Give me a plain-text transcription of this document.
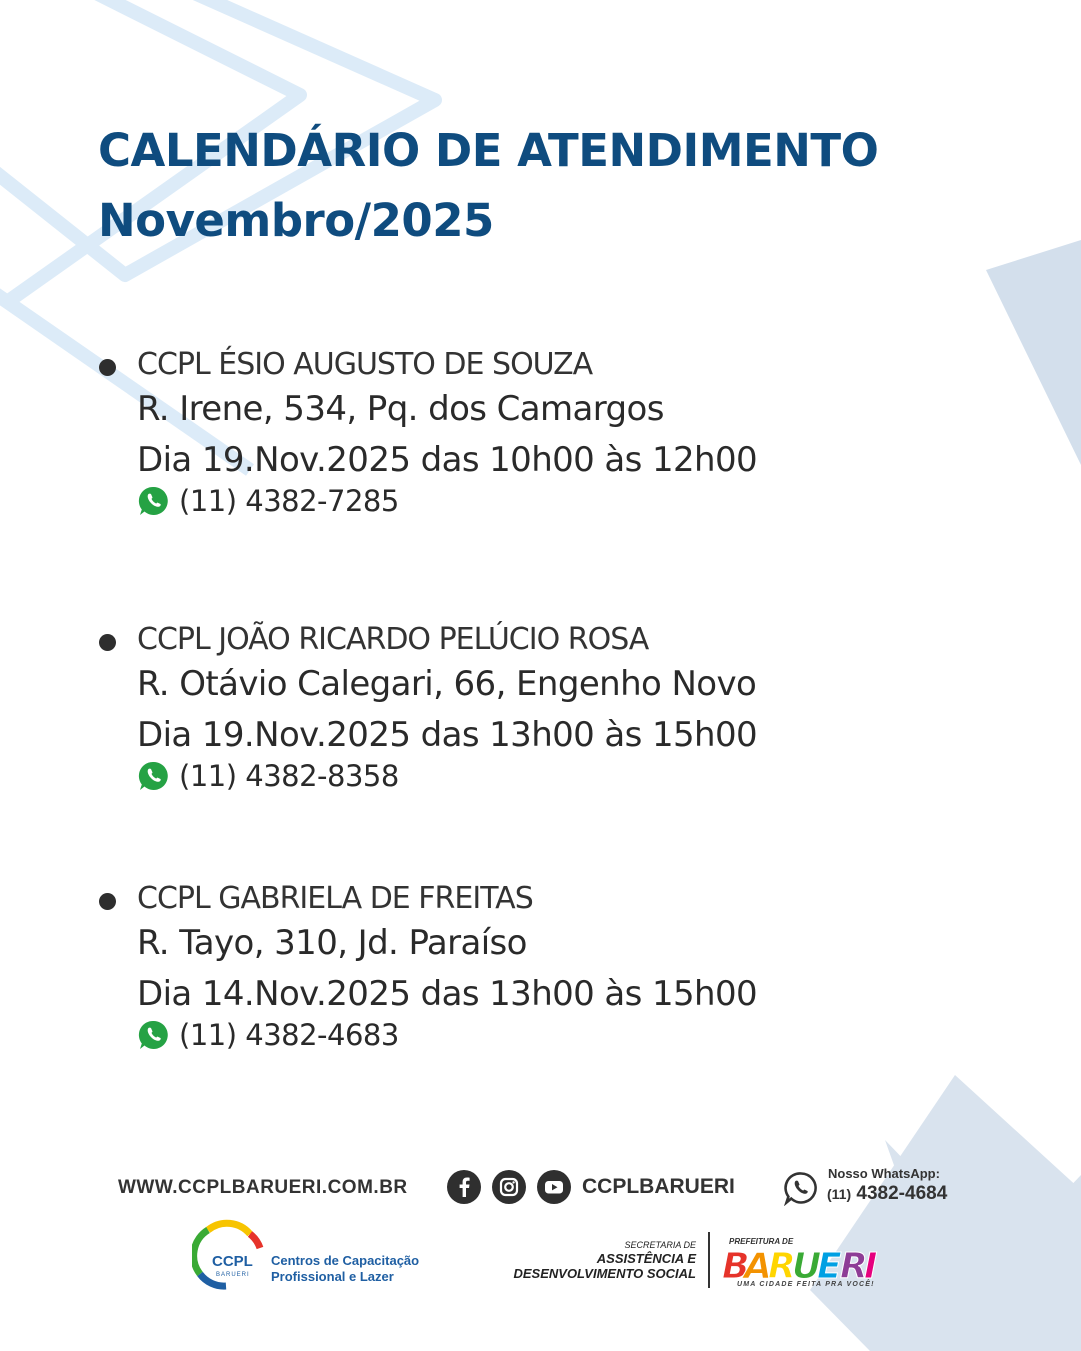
CALENDÁRIO DE ATENDIMENTO
Novembro/2025
CCPL ÉSIO AUGUSTO DE SOUZA
R. Irene, 534, Pq. dos Camargos
Dia 19.Nov.2025 das 10h00 às 12h00
(11) 4382-7285
CCPL JOÃO RICARDO PELÚCIO ROSA
R. Otávio Calegari, 66, Engenho Novo
Dia 19.Nov.2025 das 13h00 às 15h00
(11) 4382-8358
CCPL GABRIELA DE FREITAS
R. Tayo, 310, Jd. Paraíso
Dia 14.Nov.2025 das 13h00 às 15h00
(11) 4382-4683
WWW.CCPLBARUERI.COM.BR	CCPLBARUERI
Nosso WhatsApp:
(11) 4382-4684
CCPL
BARUERI
Centros de Capacitação
Profissional e Lazer
SECRETARIA DE
ASSISTÊNCIA E
DESENVOLVIMENTO SOCIAL
PREFEITURA DE
B
A
R
U
E
R
I
UMA CIDADE FEITA PRA VOCÊ!
